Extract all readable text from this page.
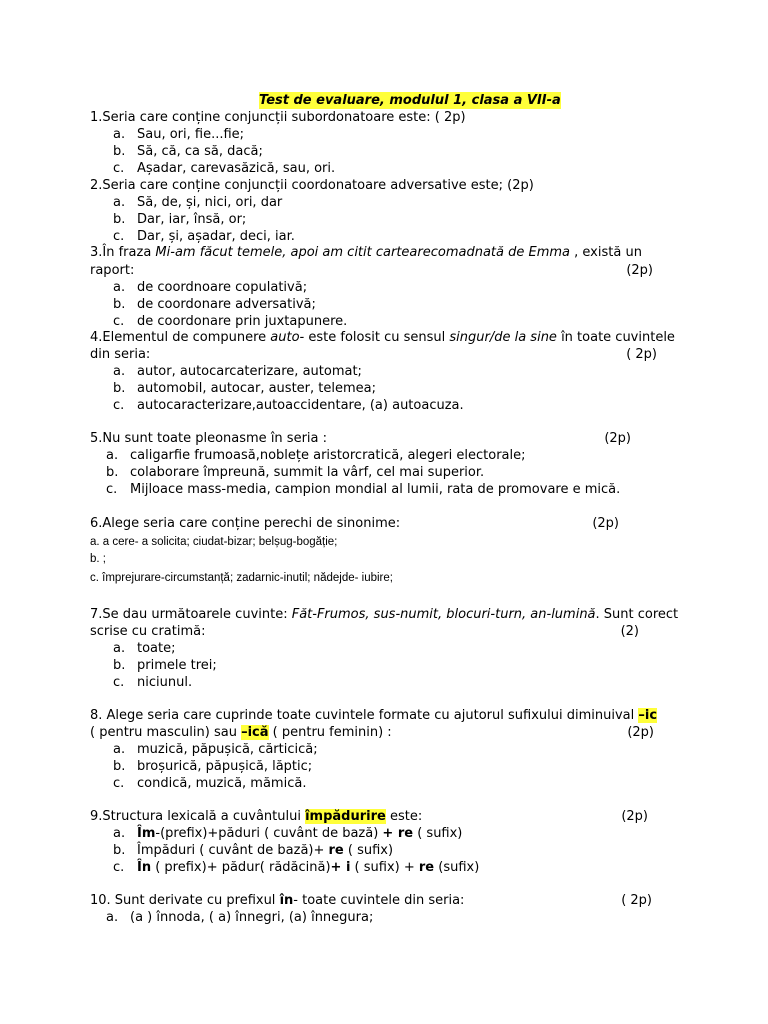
Test de evaluare, modulul 1, clasa a VII-a
1.Seria care conține conjuncții subordonatoare este: ( 2p)
a. Sau, ori, fie...fie;
b. Să, că, ca să, dacă;
c. Așadar, carevasăzică, sau, ori.
2.Seria care conține conjuncții coordonatoare adversative este; (2p)
a. Să, de, și, nici, ori, dar
b. Dar, iar, însă, or;
c. Dar, și, așadar, deci, iar.
3.În fraza Mi-am făcut temele, apoi am citit cartearecomadnată de Emma , există un
raport:	(2p)
a. de coordnoare copulativă;
b. de coordonare adversativă;
c. de coordonare prin juxtapunere.
4.Elementul de compunere auto- este folosit cu sensul singur/de la sine în toate cuvintele
din seria:	( 2p)
a. autor, autocarcaterizare, automat;
b. automobil, autocar, auster, telemea;
c. autocaracterizare,autoaccidentare, (a) autoacuza.
5.Nu sunt toate pleonasme în seria :	(2p)
a. caligarfie frumoasă,noblețe aristorcratică, alegeri electorale;
b. colaborare împreună, summit la vârf, cel mai superior.
c. Mijloace mass-media, campion mondial al lumii, rata de promovare e mică.
6.Alege seria care conține perechi de sinonime:	(2p)
a. a cere- a solicita; ciudat-bizar; belșug-bogăție;
b. ;
c. împrejurare-circumstanță; zadarnic-inutil; nădejde- iubire;
7.Se dau următoarele cuvinte: Făt-Frumos, sus-numit, blocuri-turn, an-lumină. Sunt corect
scrise cu cratimă:	(2)
a. toate;
b. primele trei;
c. niciunul.
8. Alege seria care cuprinde toate cuvintele formate cu ajutorul sufixului diminuival –ic
( pentru masculin) sau –ică ( pentru feminin) :	(2p)
a. muzică, păpușică, cărticică;
b. broșurică, păpușică, lăptic;
c. condică, muzică, mămică.
9.Structura lexicală a cuvântului împădurire este:	(2p)
a. Îm-(prefix)+păduri ( cuvânt de bază) + re ( sufix)
b. Împăduri ( cuvânt de bază)+ re ( sufix)
c. În ( prefix)+ pădur( rădăcină)+ i ( sufix) + re (sufix)
10. Sunt derivate cu prefixul în- toate cuvintele din seria:	( 2p)
a. (a ) înnoda, ( a) înnegri, (a) înnegura;
